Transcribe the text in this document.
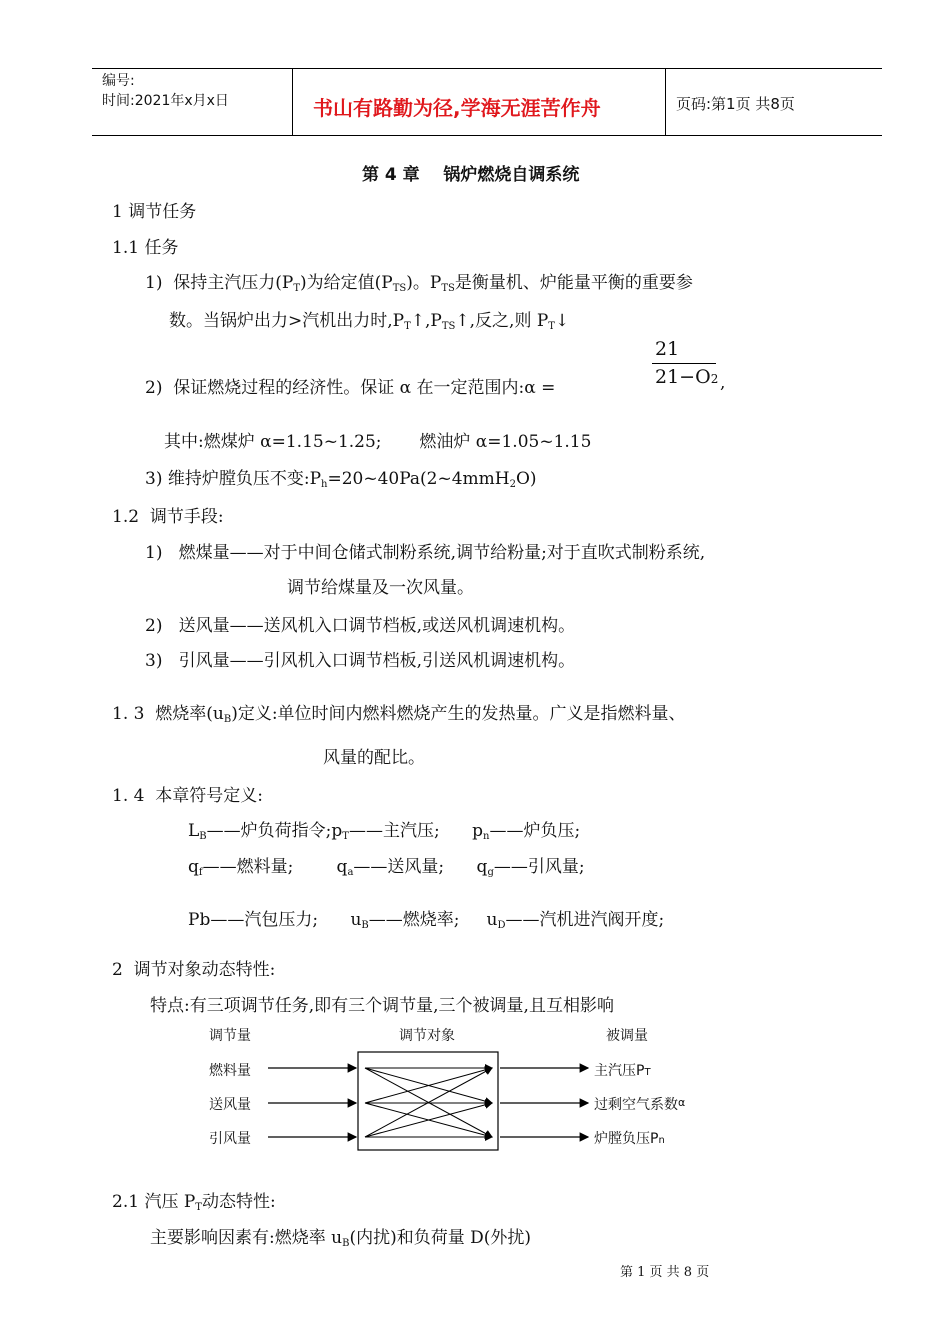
编号:
时间:2021年x月x日	书山有路勤为径,学海无涯苦作舟	页码:第1页 共8页
第 4 章    锅炉燃烧自调系统
1 调节任务
1.1 任务
1)  保持主汽压力$(P_T)$为给定值$(P_{TS})$。$P_{TS}$是衡量机、炉能量平衡的重要参
数。当锅炉出力>汽机出力时$,P_T↑,P_{TS}↑$,反之,则 $P_T↓$
2)  保证燃烧过程的经济性。保证 α 在一定范围内:α =
21
21−O2 ,
其中:燃煤炉 α=1.15~1.25;       燃油炉 α=1.05~1.15
3) 维持炉膛负压不变$:P_h=20\sim 40Pa(2\sim 4mmH_2O)$
1.2  调节手段:
1)   燃煤量——对于中间仓储式制粉系统,调节给粉量;对于直吹式制粉系统,
调节给煤量及一次风量。
2)   送风量——送风机入口调节档板,或送风机调速机构。
3)   引风量——引风机入口调节档板,引送风机调速机构。
1. 3  燃烧率$(u_B)$定义:单位时间内燃料燃烧产生的发热量。广义是指燃料量、
风量的配比。
1. 4  本章符号定义:
$L_B——$炉负荷指令$;p_T——$主汽压;      $p_n——$炉负压;
$q_f——$燃料量;        $q_a——$送风量;      $q_g——$引风量;
Pb——汽包压力;      $u_B——$燃烧率;     $u_D——$汽机进汽阀开度;
2  调节对象动态特性:
特点:有三项调节任务,即有三个调节量,三个被调量,且互相影响
调节量	调节对象	被调量
燃料量
送风量
引风量
主汽压PT
过剩空气系数$^\alpha$
炉膛负压Pn
2.1 汽压 $P_T$动态特性:
主要影响因素有:燃烧率 $u_B$(内扰)和负荷量 D(外扰)
第 1 页 共 8 页
